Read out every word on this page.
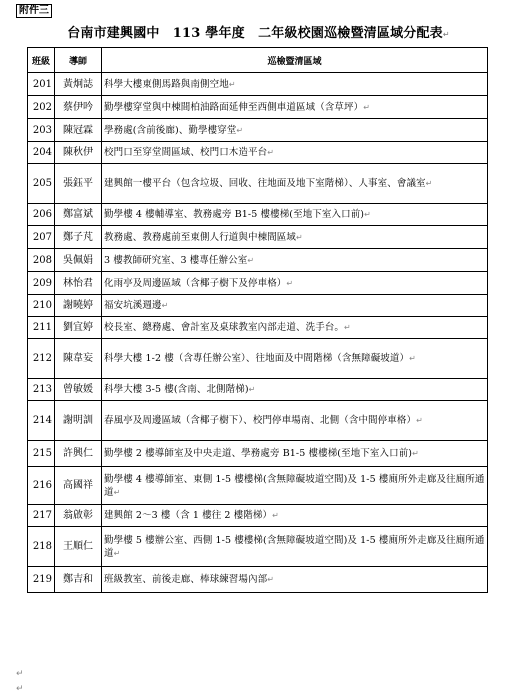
附件三
台南市建興國中　113 學年度　二年級校園巡檢暨清區域分配表↵
班級	導師	巡檢暨清區域
201	黃炯誌	科學大樓東側馬路與南側空地↵
202	蔡伊吟	勤學樓穿堂與中棟間柏油路面延伸至西側車道區域（含草坪）↵
203	陳冠霖	學務處(含前後廊)、勤學樓穿堂↵
204	陳秋伊	校門口至穿堂間區域、校門口木造平台↵
205	張鈺平	建興館一樓平台（包含垃圾、回收、往地面及地下室階梯）、人事室、會議室↵
206	鄭富斌	勤學樓 4 樓輔導室、教務處旁 B1-5 樓樓梯(至地下室入口前)↵
207	鄭子芃	教務處、教務處前至東側人行道與中棟間區域↵
208	吳佩娟	3 樓教師研究室、3 樓專任辦公室↵
209	林怡君	化雨亭及周邊區域（含椰子樹下及停車格）↵
210	謝曉婷	福安坑溪週邊↵
211	劉宜婷	校長室、總務處、會計室及桌球教室內部走道、洗手台。↵
212	陳韋妄	科學大樓 1-2 樓（含專任辦公室）、往地面及中間階梯（含無障礙坡道）↵
213	曾敏媛	科學大樓 3-5 樓(含南、北側階梯)↵
214	謝明訓	春風亭及周邊區域（含椰子樹下）、校門停車場南、北側（含中間停車格）↵
215	許興仁	勤學樓 2 樓導師室及中央走道、學務處旁 B1-5 樓樓梯(至地下室入口前)↵
216	高國祥	勤學樓 4 樓導師室、東側 1-5 樓樓梯(含無障礙坡道空間)及 1-5 樓廁所外走廊及往廁所通道↵
217	翁啟彰	建興館 2～3 樓（含 1 樓往 2 樓階梯）↵
218	王順仁	勤學樓 5 樓辦公室、西側 1-5 樓樓梯(含無障礙坡道空間)及 1-5 樓廁所外走廊及往廁所通道↵
219	鄭吉和	班級教室、前後走廊、棒球練習場內部↵
↵
↵
